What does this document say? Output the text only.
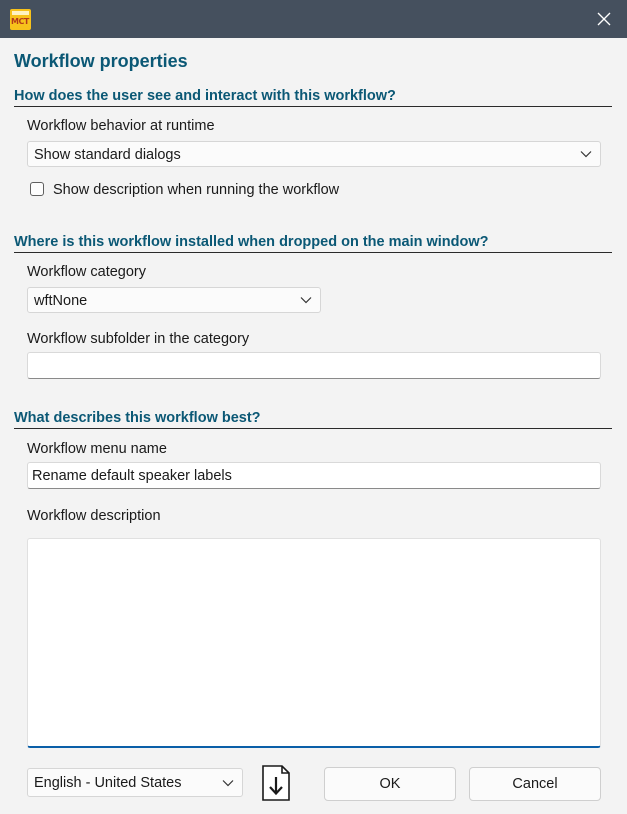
MCT
Workflow properties
How does the user see and interact with this workflow?
Workflow behavior at runtime
Show standard dialogs
Show description when running the workflow
Where is this workflow installed when dropped on the main window?
Workflow category
wftNone
Workflow subfolder in the category
What describes this workflow best?
Workflow menu name
Rename default speaker labels
Workflow description
English - United States	OK	Cancel
